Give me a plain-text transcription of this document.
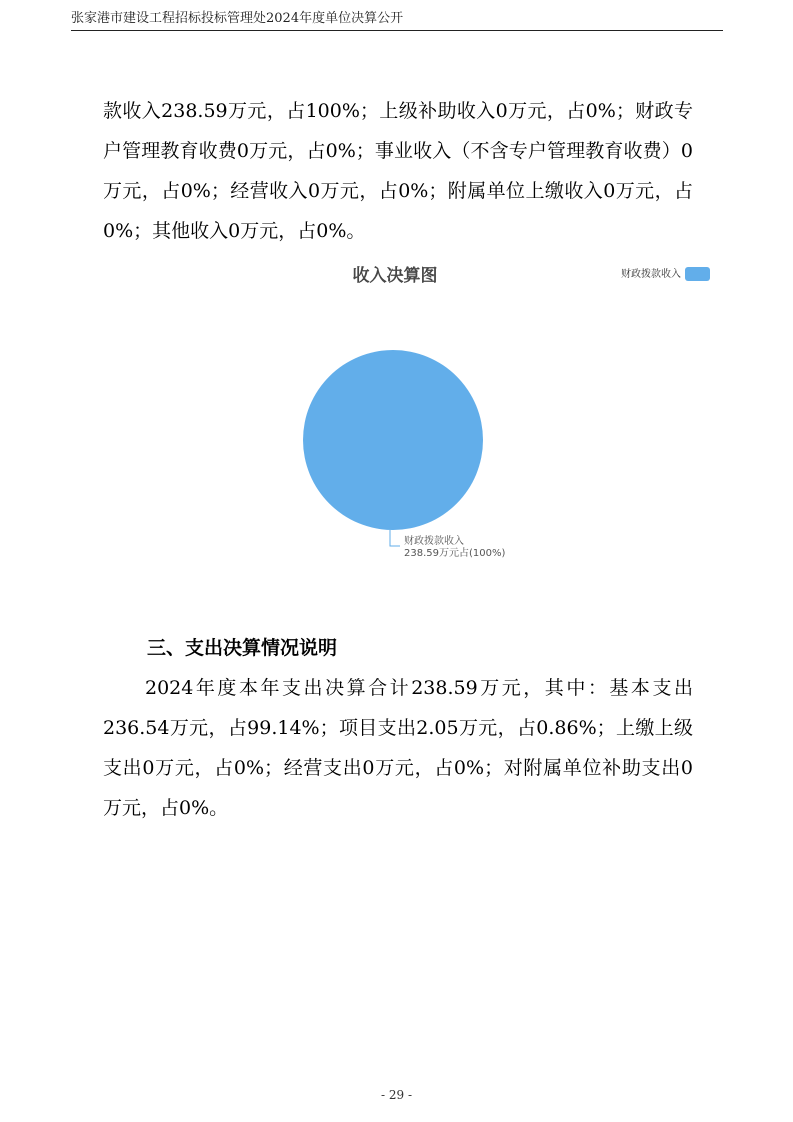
张家港市建设工程招标投标管理处2024年度单位决算公开

款收入238.59万元，占100%；上级补助收入0万元，占0%；财政专户管理教育收费0万元，占0%；事业收入（不含专户管理教育收费）0万元，占0%；经营收入0万元，占0%；附属单位上缴收入0万元，占0%；其他收入0万元，占0%。

收入决算图	财政拨款收入
财政拨款收入
238.59万元占(100%)
三、支出决算情况说明

2024年度本年支出决算合计238.59万元，其中：基本支出236.54万元，占99.14%；项目支出2.05万元，占0.86%；上缴上级支出0万元，占0%；经营支出0万元，占0%；对附属单位补助支出0万元，占0%。

- 29 -
